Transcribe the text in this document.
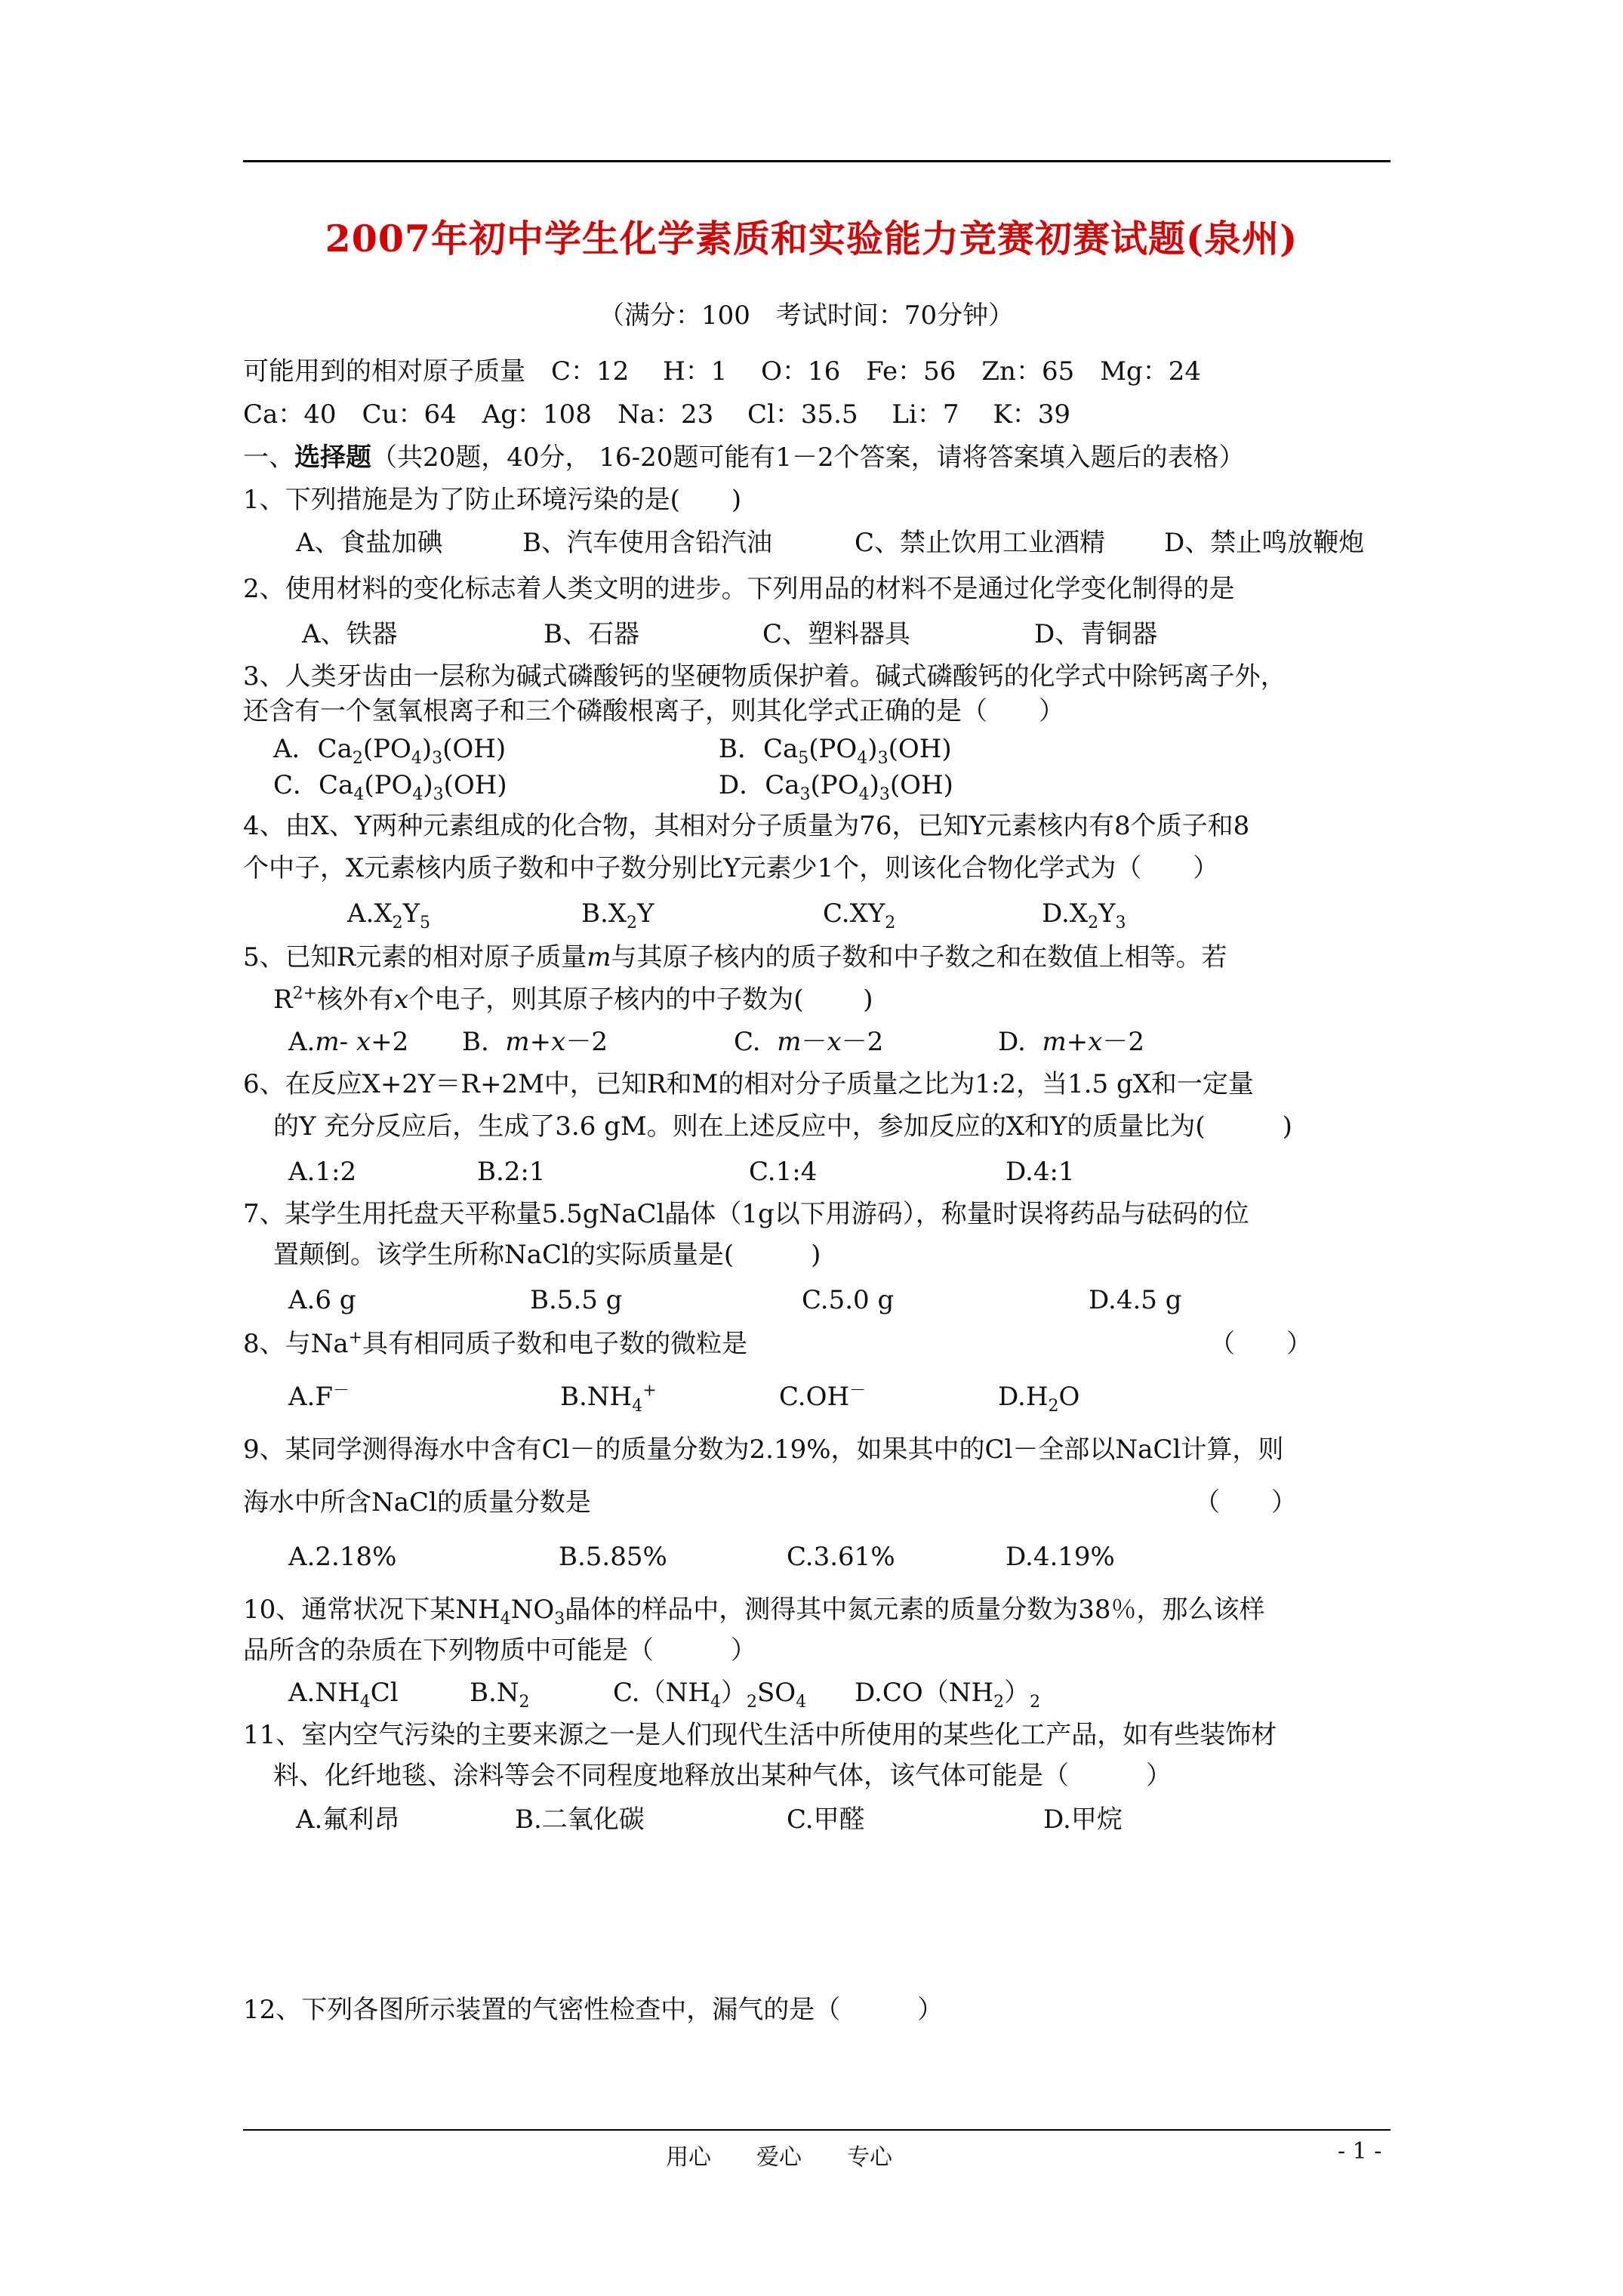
2007年初中学生化学素质和实验能力竞赛初赛试题(泉州)
（满分：100　考试时间：70分钟）
可能用到的相对原子质量　C：12　 H：1　 O：16　Fe：56　Zn：65　Mg：24
Ca：40　Cu：64　Ag：108　Na：23　 Cl：35.5　 Li：7　 K：39
一、选择题（共20题，40分， 16-20题可能有1－2个答案，请将答案填入题后的表格）
1、下列措施是为了防止环境污染的是(　　)
A、食盐加碘	B、汽车使用含铅汽油	C、禁止饮用工业酒精 D、禁止鸣放鞭炮
2、使用材料的变化标志着人类文明的进步。下列用品的材料不是通过化学变化制得的是
A、铁器	B、石器	C、塑料器具	D、青铜器
3、人类牙齿由一层称为碱式磷酸钙的坚硬物质保护着。碱式磷酸钙的化学式中除钙离子外，
还含有一个氢氧根离子和三个磷酸根离子，则其化学式正确的是（　　）
A．$Ca_2(PO_4)_3(OH)$	B．$Ca_5(PO_4)_3(OH)$
C．$Ca_4(PO_4)_3(OH)$	D．$Ca_3(PO_4)_3(OH)$
4、由X、Y两种元素组成的化合物，其相对分子质量为76，已知Y元素核内有8个质子和8
个中子，X元素核内质子数和中子数分别比Y元素少1个，则该化合物化学式为（　　）
$A.X_2Y_5$	$B.X_2Y$	$C.XY_2$	$D.X_2Y_3$
5、已知R元素的相对原子质量m与其原子核内的质子数和中子数之和在数值上相等。若
$R^{2+}$核外有x个电子，则其原子核内的中子数为(　　 )
A.m- x+2 B. m+x－2	C. m－x－2	D. m+x－2
6、在反应X+2Y＝R+2M中，已知R和M的相对分子质量之比为1:2，当1.5 gX和一定量
的Y 充分反应后，生成了3.6 gM。则在上述反应中，参加反应的X和Y的质量比为(　　　)
A.1:2	B.2:1	C.1:4	D.4:1
7、某学生用托盘天平称量5.5gNaCl晶体（1g以下用游码），称量时误将药品与砝码的位
置颠倒。该学生所称NaCl的实际质量是(　　　)
A.6 g	B.5.5 g	C.5.0 g	D.4.5 g
8、与Na+具有相同质子数和电子数的微粒是	（　　）
A.F－	$B.NH_4^+$	C.OH－	$D.H_2O$
9、某同学测得海水中含有Cl－的质量分数为2.19%，如果其中的Cl－全部以NaCl计算，则
海水中所含NaCl的质量分数是	（　　）
A.2.18%	B.5.85%	C.3.61%	D.4.19%
10、通常状况下某$NH_4NO_3$晶体的样品中，测得其中氮元素的质量分数为38％，那么该样
品所含的杂质在下列物质中可能是（　　　）
$A.NH_4Cl$	$B.N_2$	$C.(NH_4)_2SO_4$ $D.CO(NH_2)_2$
11、室内空气污染的主要来源之一是人们现代生活中所使用的某些化工产品，如有些装饰材
料、化纤地毯、涂料等会不同程度地释放出某种气体，该气体可能是（　　　）
A.氟利昂	B.二氧化碳	C.甲醛	D.甲烷
12、下列各图所示装置的气密性检查中，漏气的是（　　　）
用心　　爱心　　专心	- 1 -
